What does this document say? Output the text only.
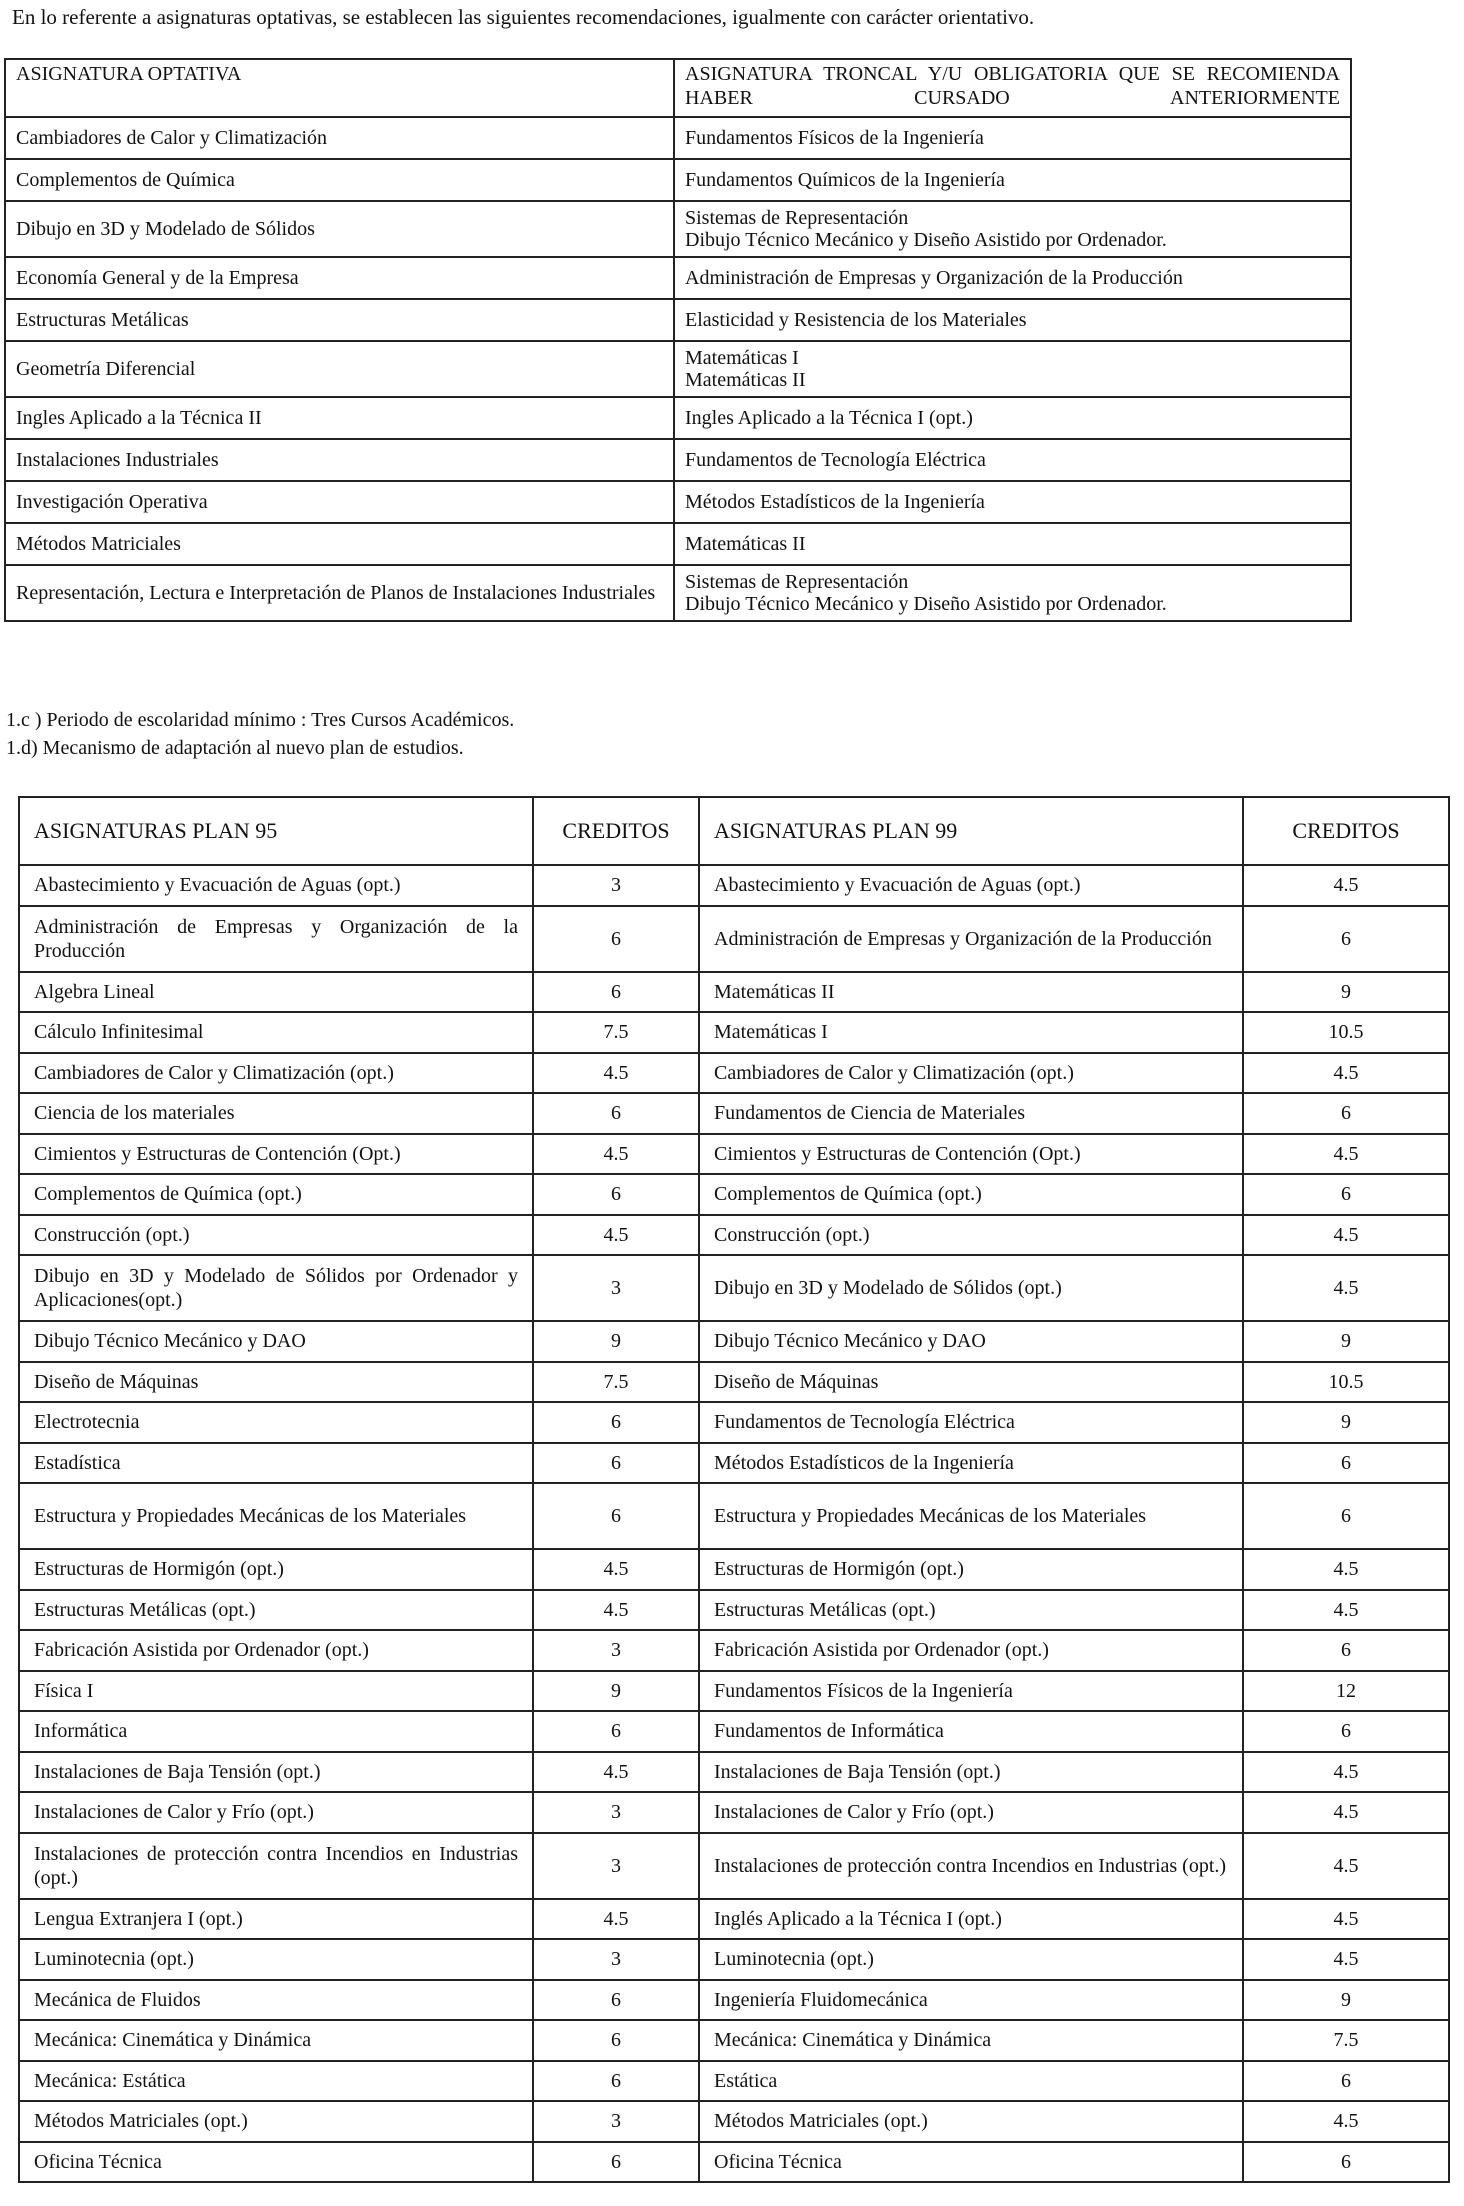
En lo referente a asignaturas optativas, se establecen las siguientes recomendaciones, igualmente con carácter orientativo.
ASIGNATURA OPTATIVA	ASIGNATURA TRONCAL Y/U OBLIGATORIA QUE SE RECOMIENDA HABER CURSADO ANTERIORMENTE
Cambiadores de Calor y Climatización	Fundamentos Físicos de la Ingeniería

Complementos de Química	Fundamentos Químicos de la Ingeniería

Dibujo en 3D y Modelado de Sólidos	Sistemas de Representación
Dibujo Técnico Mecánico y Diseño Asistido por Ordenador.

Economía General y de la Empresa	Administración de Empresas y Organización de la Producción

Estructuras Metálicas	Elasticidad y Resistencia de los Materiales

Geometría Diferencial	Matemáticas I
Matemáticas II

Ingles Aplicado a la Técnica II	Ingles Aplicado a la Técnica I (opt.)

Instalaciones Industriales	Fundamentos de Tecnología Eléctrica

Investigación Operativa	Métodos Estadísticos de la Ingeniería

Métodos Matriciales	Matemáticas II

Representación, Lectura e Interpretación de Planos de Instalaciones Industriales	Sistemas de Representación
Dibujo Técnico Mecánico y Diseño Asistido por Ordenador.
1.c ) Periodo de escolaridad mínimo : Tres Cursos Académicos.
1.d) Mecanismo de adaptación al nuevo plan de estudios.
ASIGNATURAS PLAN 95	CREDITOS	ASIGNATURAS PLAN 99	CREDITOS
Abastecimiento y Evacuación de Aguas (opt.)	3	Abastecimiento y Evacuación de Aguas (opt.)	4.5
Administración de Empresas y Organización de la Producción	6	Administración de Empresas y Organización de la Producción	6
Algebra Lineal	6	Matemáticas II	9
Cálculo Infinitesimal	7.5	Matemáticas I	10.5
Cambiadores de Calor y Climatización (opt.)	4.5	Cambiadores de Calor y Climatización (opt.)	4.5
Ciencia de los materiales	6	Fundamentos de Ciencia de Materiales	6
Cimientos y Estructuras de Contención (Opt.)	4.5	Cimientos y Estructuras de Contención (Opt.)	4.5
Complementos de Química (opt.)	6	Complementos de Química (opt.)	6
Construcción (opt.)	4.5	Construcción (opt.)	4.5
Dibujo en 3D y Modelado de Sólidos por Ordenador y Aplicaciones(opt.)	3	Dibujo en 3D y Modelado de Sólidos (opt.)	4.5
Dibujo Técnico Mecánico y DAO	9	Dibujo Técnico Mecánico y DAO	9
Diseño de Máquinas	7.5	Diseño de Máquinas	10.5
Electrotecnia	6	Fundamentos de Tecnología Eléctrica	9
Estadística	6	Métodos Estadísticos de la Ingeniería	6
Estructura y Propiedades Mecánicas de los Materiales	6	Estructura y Propiedades Mecánicas de los Materiales	6
Estructuras de Hormigón (opt.)	4.5	Estructuras de Hormigón (opt.)	4.5
Estructuras Metálicas (opt.)	4.5	Estructuras Metálicas (opt.)	4.5
Fabricación Asistida por Ordenador (opt.)	3	Fabricación Asistida por Ordenador (opt.)	6
Física I	9	Fundamentos Físicos de la Ingeniería	12
Informática	6	Fundamentos de Informática	6
Instalaciones de Baja Tensión (opt.)	4.5	Instalaciones de Baja Tensión (opt.)	4.5
Instalaciones de Calor y Frío (opt.)	3	Instalaciones de Calor y Frío (opt.)	4.5
Instalaciones de protección contra Incendios en Industrias (opt.)	3	Instalaciones de protección contra Incendios en Industrias (opt.)	4.5
Lengua Extranjera I (opt.)	4.5	Inglés Aplicado a la Técnica I (opt.)	4.5
Luminotecnia (opt.)	3	Luminotecnia (opt.)	4.5
Mecánica de Fluidos	6	Ingeniería Fluidomecánica	9
Mecánica: Cinemática y Dinámica	6	Mecánica: Cinemática y Dinámica	7.5
Mecánica: Estática	6	Estática	6
Métodos Matriciales (opt.)	3	Métodos Matriciales (opt.)	4.5
Oficina Técnica	6	Oficina Técnica	6
